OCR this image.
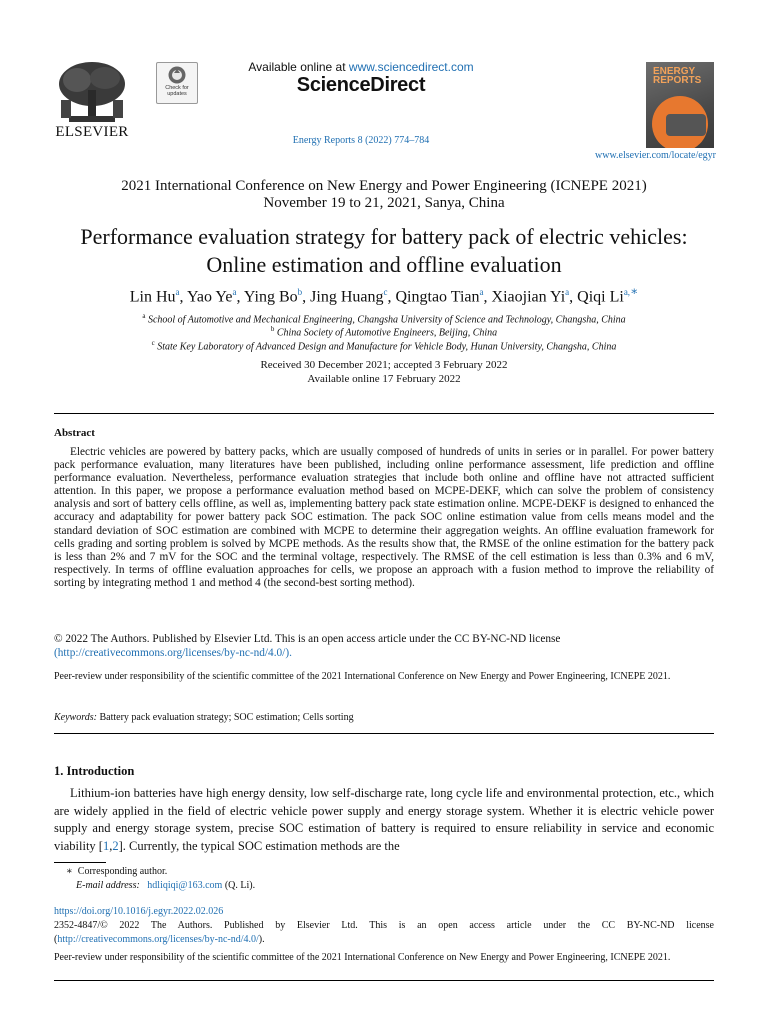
ELSEVIER
Check for
updates
Available online at www.sciencedirect.com
ScienceDirect
Energy Reports 8 (2022) 774–784
ENERGY
REPORTS
www.elsevier.com/locate/egyr
2021 International Conference on New Energy and Power Engineering (ICNEPE 2021)
November 19 to 21, 2021, Sanya, China
Performance evaluation strategy for battery pack of electric vehicles:
Online estimation and offline evaluation
Lin Hu$^a$, Yao Ye$^a$, Ying Bo$^b$, Jing Huang$^c$, Qingtao Tian$^a$, Xiaojian Yi$^a$, Qiqi $Li^{a,∗}$
$^a$ School of Automotive and Mechanical Engineering, Changsha University of Science and Technology, Changsha, China
$^b$ China Society of Automotive Engineers, Beijing, China
$^c$ State Key Laboratory of Advanced Design and Manufacture for Vehicle Body, Hunan University, Changsha, China
Received 30 December 2021; accepted 3 February 2022
Available online 17 February 2022
Abstract
Electric vehicles are powered by battery packs, which are usually composed of hundreds of units in series or in parallel. For power battery pack performance evaluation, many literatures have been published, including online performance assessment, life prediction and offline performance evaluation. Nevertheless, performance evaluation strategies that include both online and offline have not attracted sufficient attention. In this paper, we propose a performance evaluation method based on MCPE-DEKF, which can solve the problem of consistency analysis and sort of battery cells offline, as well as, implementing battery pack state estimation online. MCPE-DEKF is designed to enhanced the accuracy and adaptability for power battery pack SOC estimation. The pack SOC online estimation value from cells means model and the standard deviation of SOC estimation are combined with MCPE to determine their aggregation weights. An offline evaluation framework for cells grading and sorting problem is solved by MCPE methods. As the results show that, the RMSE of the online estimation for the battery pack is less than 2% and 7 mV for the SOC and the terminal voltage, respectively. The RMSE of the cell estimation is less than 0.3% and 6 mV, respectively. In terms of offline evaluation approaches for cells, we propose an approach with a fusion method to improve the reliability of sorting by integrating method 1 and method 4 (the second-best sorting method).
© 2022 The Authors. Published by Elsevier Ltd. This is an open access article under the CC BY-NC-ND license
(http://creativecommons.org/licenses/by-nc-nd/4.0/).
Peer-review under responsibility of the scientific committee of the 2021 International Conference on New Energy and Power Engineering, ICNEPE 2021.
Keywords: Battery pack evaluation strategy; SOC estimation; Cells sorting
1. Introduction
Lithium-ion batteries have high energy density, low self-discharge rate, long cycle life and environmental protection, etc., which are widely applied in the field of electric vehicle power supply and energy storage system. Whether it is electric vehicle power supply and energy storage system, precise SOC estimation of battery is required to ensure reliability in service and economic viability [1,2]. Currently, the typical SOC estimation methods are the
∗ Corresponding author.
E-mail address: hdliqiqi@163.com (Q. Li).
https://doi.org/10.1016/j.egyr.2022.02.026
2352-4847/© 2022 The Authors. Published by Elsevier Ltd. This is an open access article under the CC BY-NC-ND license (http://creativecommons.org/licenses/by-nc-nd/4.0/).
Peer-review under responsibility of the scientific committee of the 2021 International Conference on New Energy and Power Engineering, ICNEPE 2021.
